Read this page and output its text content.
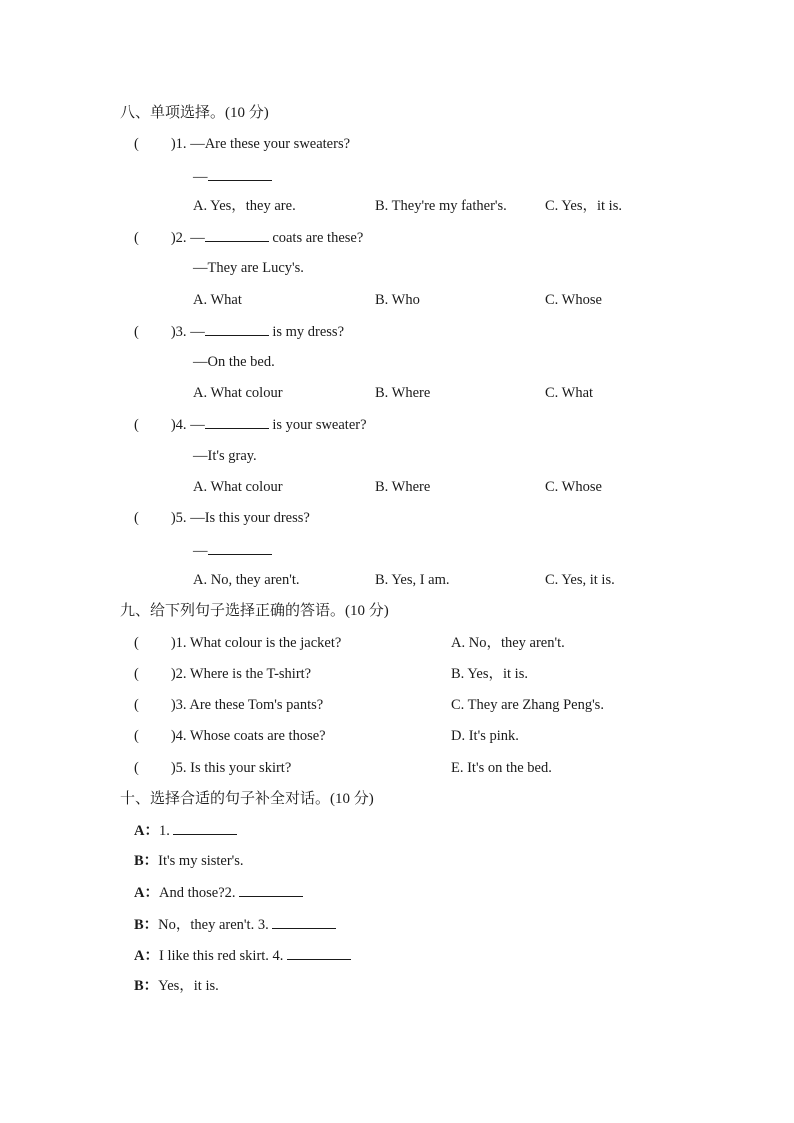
八、单项选择。(10 分)
( )1. —Are these your sweaters?
—
A. Yes，they are.	B. They're my father's.	C. Yes，it is.
( )2. —	coats are these?
—They are Lucy's.
A. What	B. Who	C. Whose
( )3. —	is my dress?
—On the bed.
A. What colour	B. Where	C. What
( )4. —	is your sweater?
—It's gray.
A. What colour	B. Where	C. Whose
( )5. —Is this your dress?
—
A. No, they aren't.	B. Yes, I am.	C. Yes, it is.
九、给下列句子选择正确的答语。(10 分)
( )1. What colour is the jacket?	A. No，they aren't.
( )2. Where is the T-shirt?	B. Yes，it is.
( )3. Are these Tom's pants?	C. They are Zhang Peng's.
( )4. Whose coats are those?	D. It's pink.
( )5. Is this your skirt?	E. It's on the bed.
十、选择合适的句子补全对话。(10 分)
A：1.
B：It's my sister's.
A：And those?2.
B：No，they aren't. 3.
A：I like this red skirt. 4.
B：Yes，it is.
